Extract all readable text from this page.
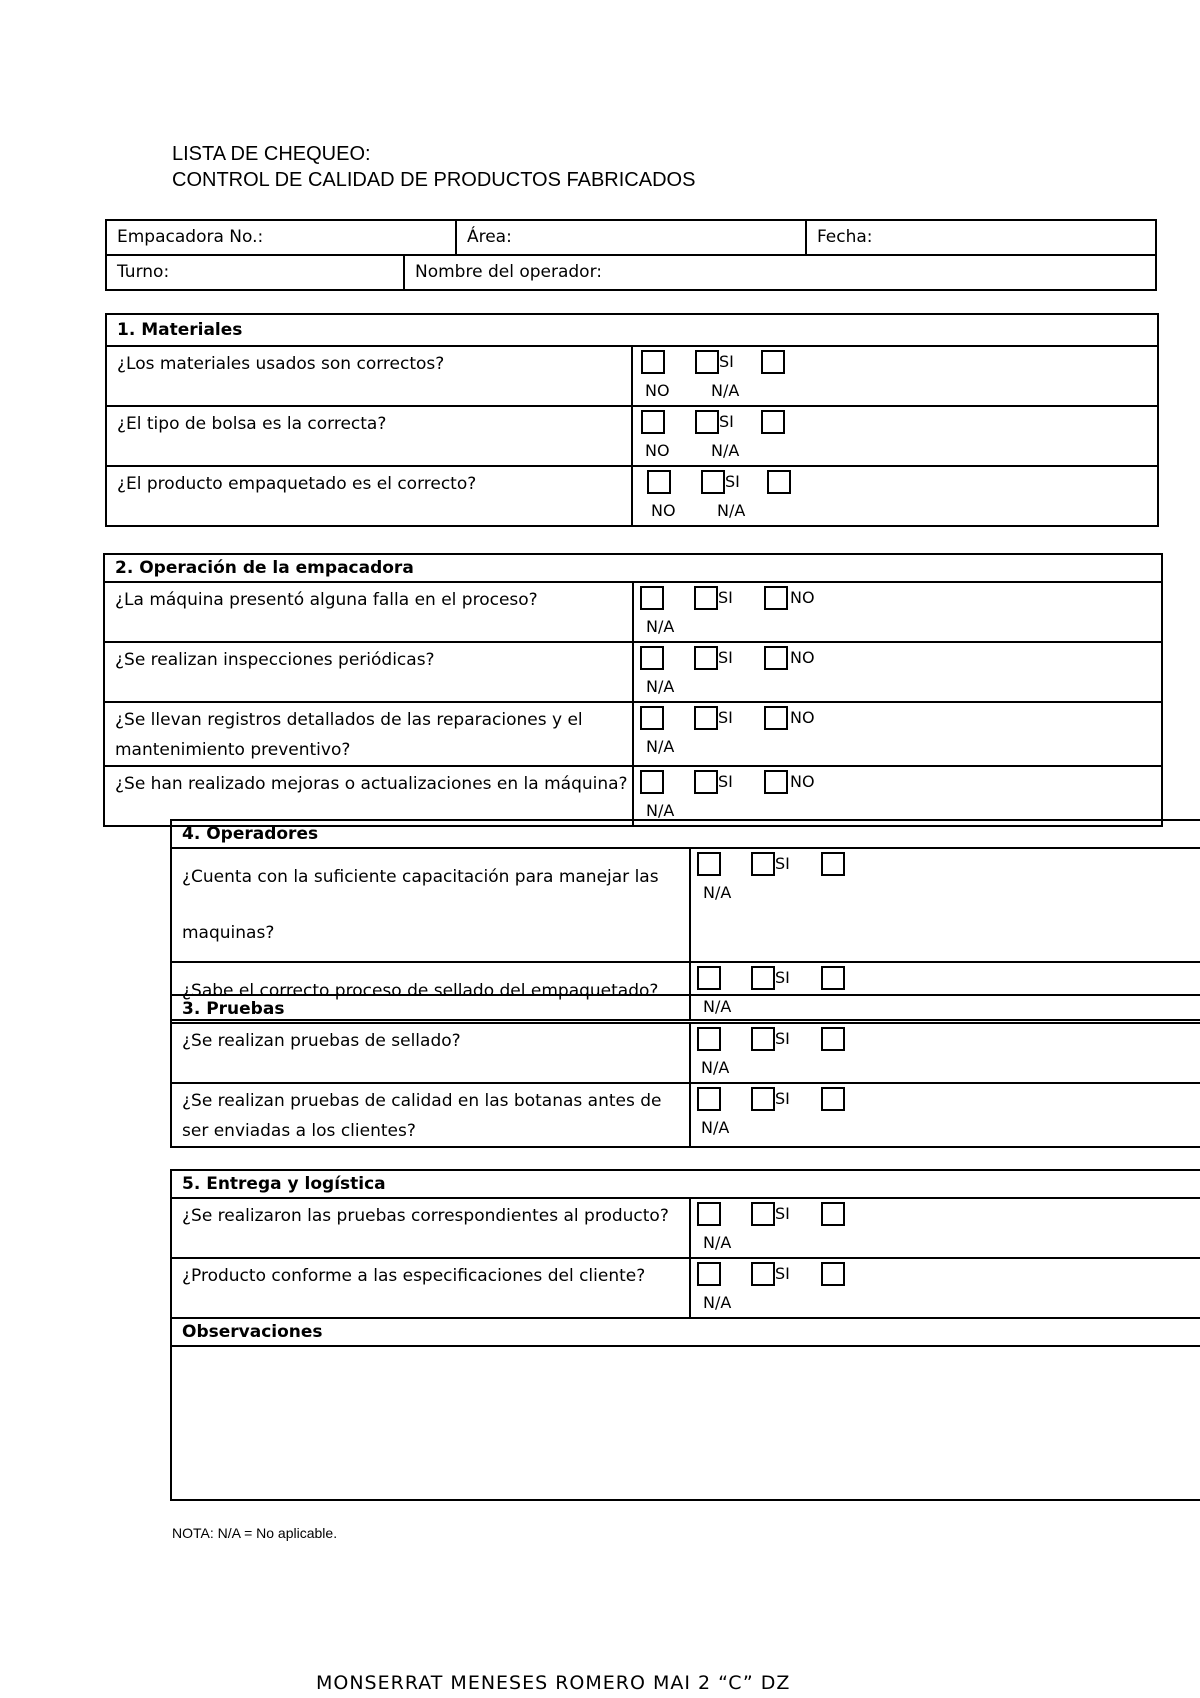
LISTA DE CHEQUEO:
CONTROL DE CALIDAD DE PRODUCTOS FABRICADOS
Empacadora No.:	Área:	Fecha:
Turno:	Nombre del operador:
1. Materiales	
¿Los materiales usados son correctos?	SI
NO N/A

¿El tipo de bolsa es la correcta?	SI
NO N/A

¿El producto empaquetado es el correcto?	SI
NO N/A
2. Operación de la empacadora	
¿La máquina presentó alguna falla en el proceso?	SI NO
N/A

¿Se realizan inspecciones periódicas?	SI NO
N/A

¿Se llevan registros detallados de las reparaciones y el mantenimiento preventivo?	SI NO
N/A

¿Se han realizado mejoras o actualizaciones en la máquina?	SI NO
N/A
4. Operadores	
¿Cuenta con la suficiente capacitación para manejar las maquinas?	SI
N/A

¿Sabe el correcto proceso de sellado del empaquetado?	SI
N/A
3. Pruebas	
¿Se realizan pruebas de sellado?	SI
N/A

¿Se realizan pruebas de calidad en las botanas antes de ser enviadas a los clientes?	SI
N/A
5. Entrega y logística	
¿Se realizaron las pruebas correspondientes al producto?	SI
N/A

¿Producto conforme a las especificaciones del cliente?	SI
N/A

Observaciones	

NOTA: N/A = No aplicable.
MONSERRAT MENESES ROMERO MAI 2 “C” DZ
